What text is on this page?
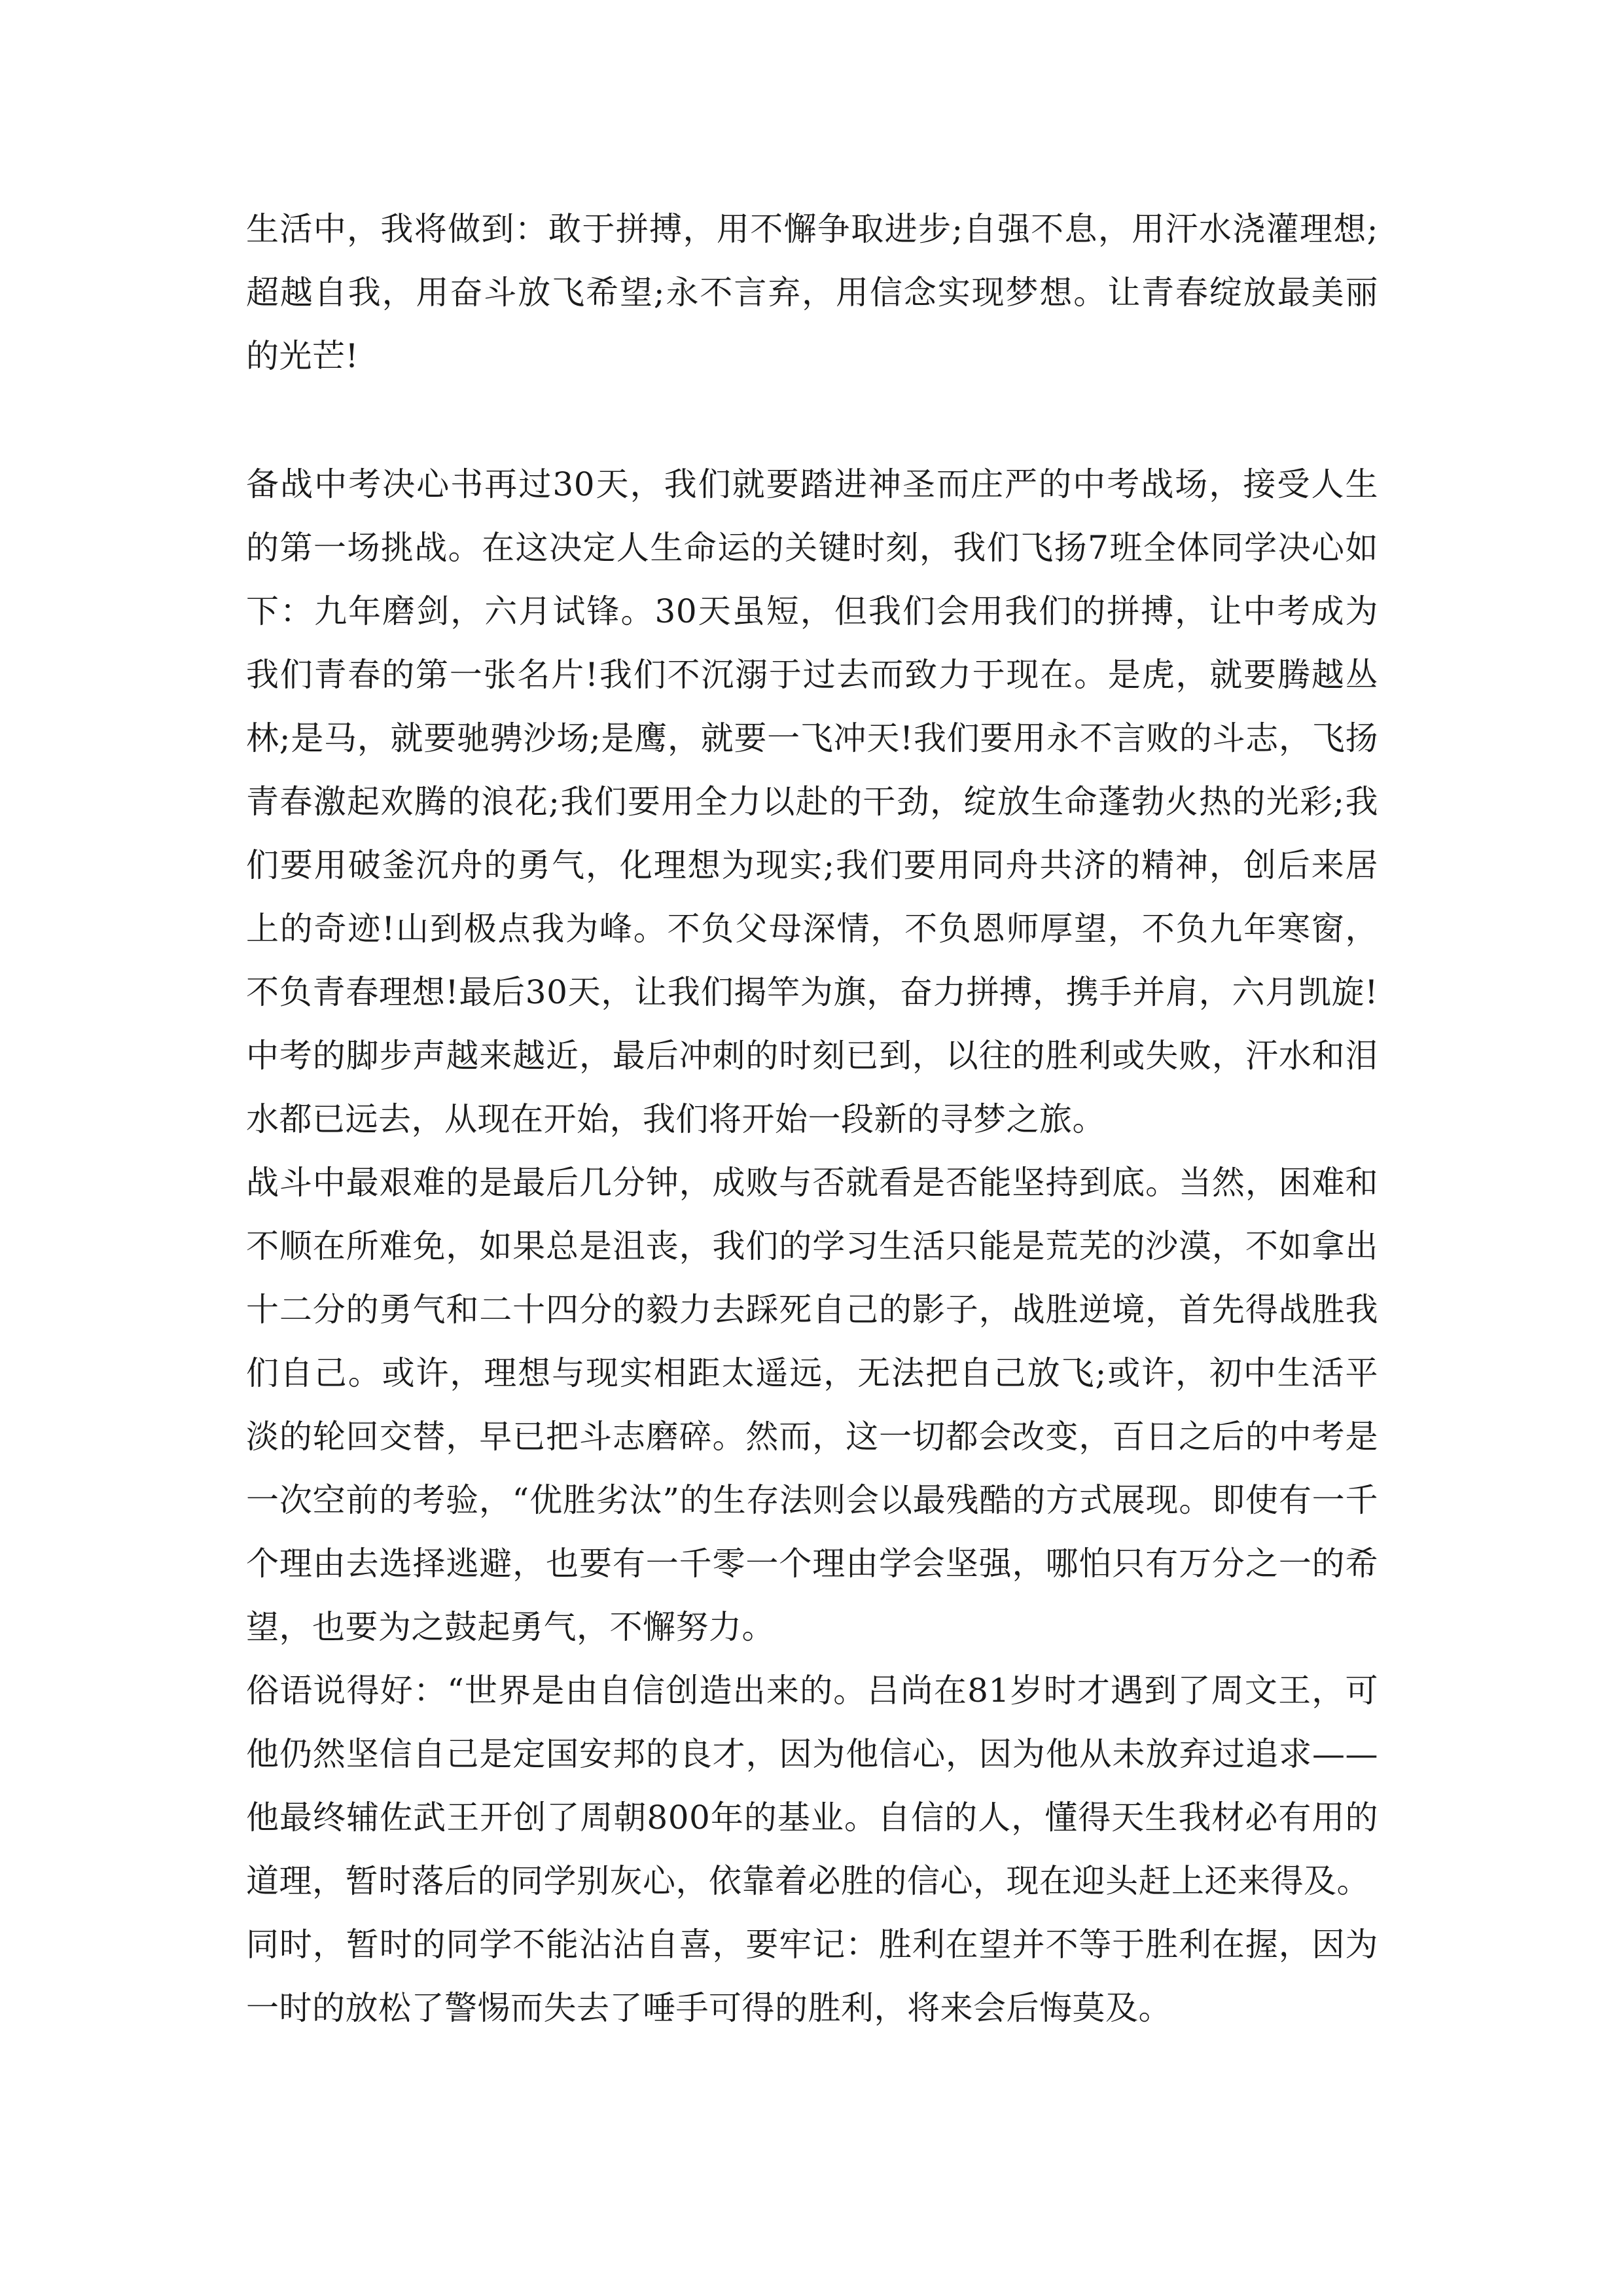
生活中，我将做到：敢于拼搏，用不懈争取进步;自强不息，用汗水浇灌理想;超越自我，用奋斗放飞希望;永不言弃，用信念实现梦想。让青春绽放最美丽的光芒!

备战中考决心书再过30天，我们就要踏进神圣而庄严的中考战场，接受人生的第一场挑战。在这决定人生命运的关键时刻，我们飞扬7班全体同学决心如下：九年磨剑，六月试锋。30天虽短，但我们会用我们的拼搏，让中考成为我们青春的第一张名片!我们不沉溺于过去而致力于现在。是虎，就要腾越丛林;是马，就要驰骋沙场;是鹰，就要一飞冲天!我们要用永不言败的斗志，飞扬青春激起欢腾的浪花;我们要用全力以赴的干劲，绽放生命蓬勃火热的光彩;我们要用破釜沉舟的勇气，化理想为现实;我们要用同舟共济的精神，创后来居上的奇迹!山到极点我为峰。不负父母深情，不负恩师厚望，不负九年寒窗，不负青春理想!最后30天，让我们揭竿为旗，奋力拼搏，携手并肩，六月凯旋!中考的脚步声越来越近，最后冲刺的时刻已到，以往的胜利或失败，汗水和泪水都已远去，从现在开始，我们将开始一段新的寻梦之旅。

战斗中最艰难的是最后几分钟，成败与否就看是否能坚持到底。当然，困难和不顺在所难免，如果总是沮丧，我们的学习生活只能是荒芜的沙漠，不如拿出十二分的勇气和二十四分的毅力去踩死自己的影子，战胜逆境，首先得战胜我们自己。或许，理想与现实相距太遥远，无法把自己放飞;或许，初中生活平淡的轮回交替，早已把斗志磨碎。然而，这一切都会改变，百日之后的中考是一次空前的考验，“优胜劣汰”的生存法则会以最残酷的方式展现。即使有一千个理由去选择逃避，也要有一千零一个理由学会坚强，哪怕只有万分之一的希望，也要为之鼓起勇气，不懈努力。

俗语说得好：“世界是由自信创造出来的。吕尚在81岁时才遇到了周文王，可他仍然坚信自己是定国安邦的良才，因为他信心，因为他从未放弃过追求——他最终辅佐武王开创了周朝800年的基业。自信的人，懂得天生我材必有用的道理，暂时落后的同学别灰心，依靠着必胜的信心，现在迎头赶上还来得及。

同时，暂时的同学不能沾沾自喜，要牢记：胜利在望并不等于胜利在握，因为一时的放松了警惕而失去了唾手可得的胜利，将来会后悔莫及。
